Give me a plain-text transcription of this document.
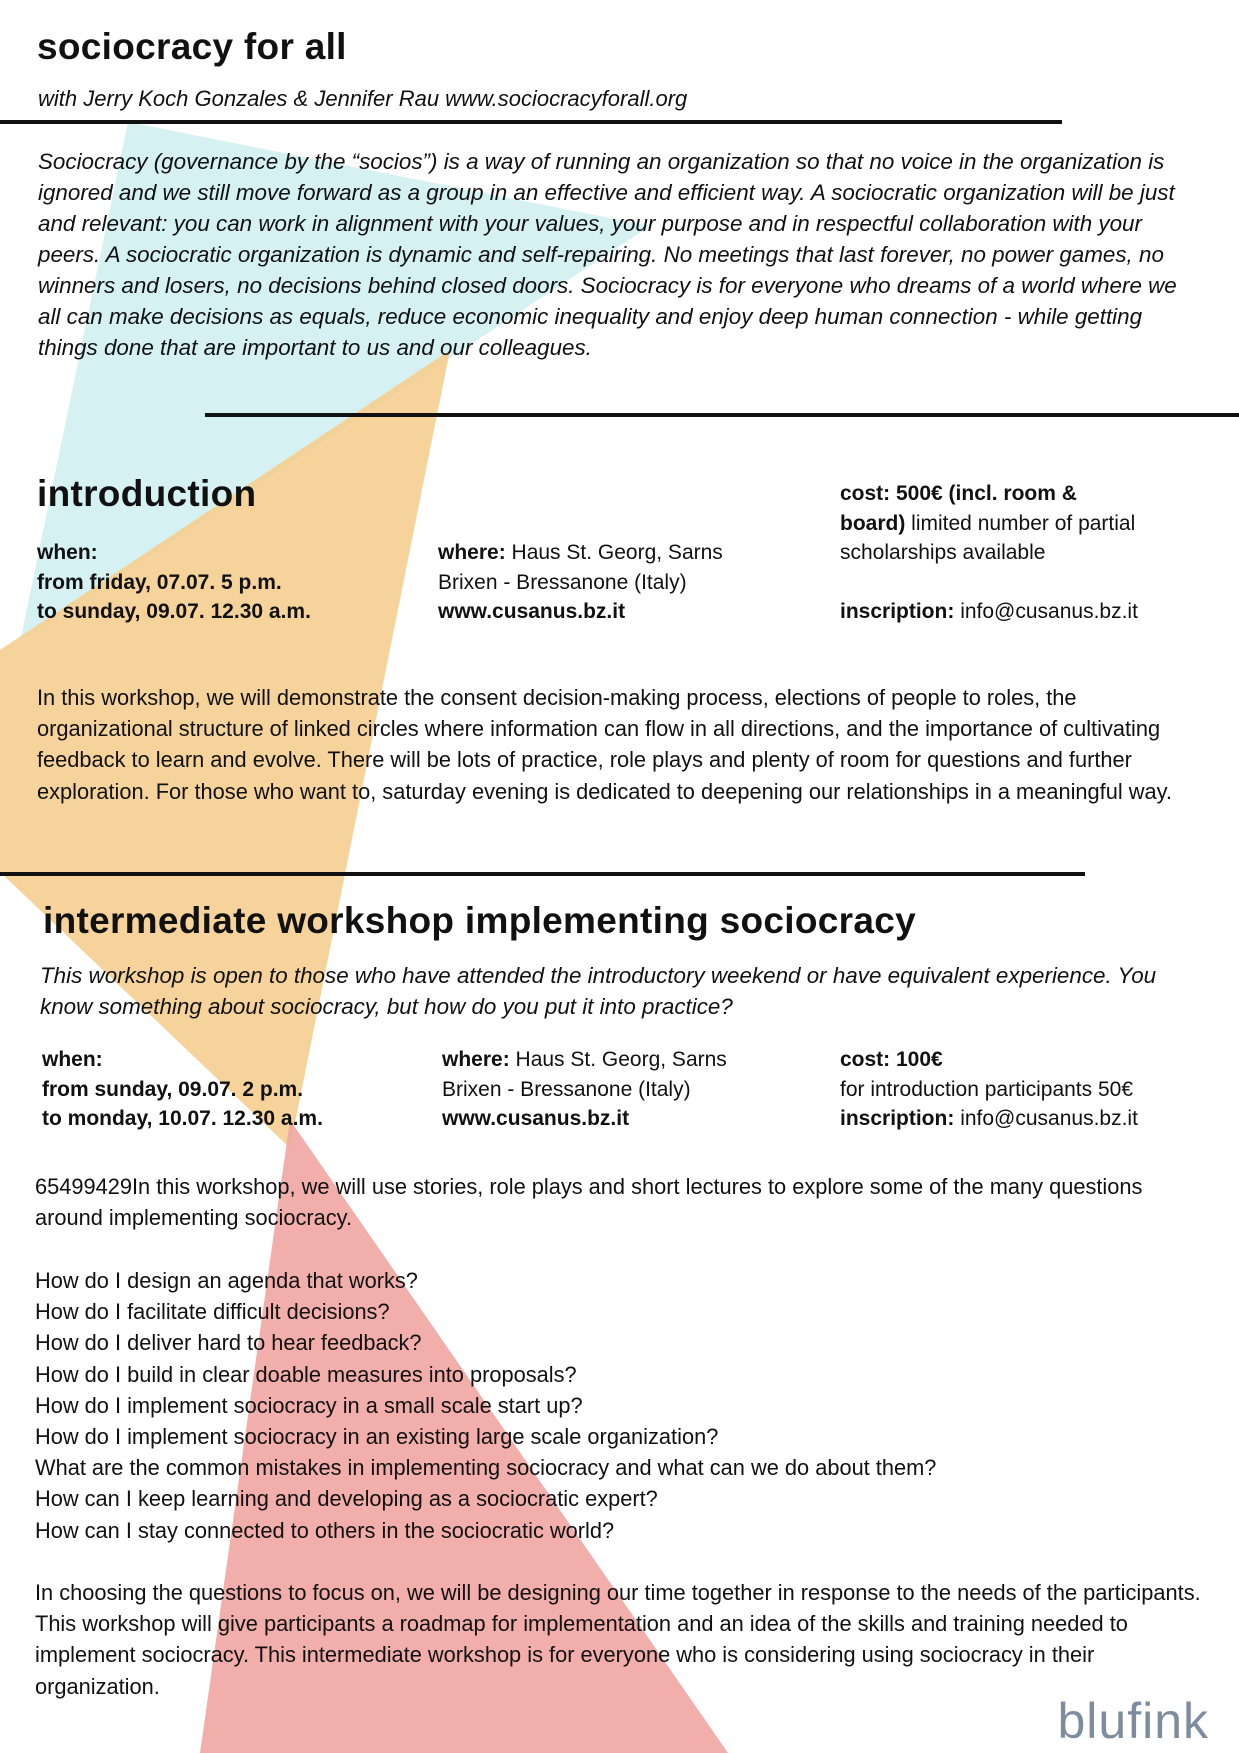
sociocracy for all

with Jerry Koch Gonzales & Jennifer Rau www.sociocracyforall.org

Sociocracy (governance by the “socios”) is a way of running an organization so that no voice in the organization is ignored and we still move forward as a group in an effective and efficient way. A sociocratic organization will be just and relevant: you can work in alignment with your values, your purpose and in respectful collaboration with your peers. A sociocratic organization is dynamic and self-repairing. No meetings that last forever, no power games, no winners and losers, no decisions behind closed doors. Sociocracy is for everyone who dreams of a world where we all can make decisions as equals, reduce economic inequality and enjoy deep human connection - while getting things done that are important to us and our colleagues.

introduction
when:
from friday, 07.07. 5 p.m.
to sunday, 09.07. 12.30 a.m.
where: Haus St. Georg, Sarns
Brixen - Bressanone (Italy)
www.cusanus.bz.it
cost: 500€ (incl. room &
board) limited number of partial
scholarships available

inscription: info@cusanus.bz.it

In this workshop, we will demonstrate the consent decision-making process, elections of people to roles, the organizational structure of linked circles where information can flow in all directions, and the importance of cultivating feedback to learn and evolve. There will be lots of practice, role plays and plenty of room for questions and further exploration. For those who want to, saturday evening is dedicated to deepening our relationships in a meaningful way.

intermediate workshop implementing sociocracy

This workshop is open to those who have attended the introductory weekend or have equivalent experience. You know something about sociocracy, but how do you put it into practice?

when:
from sunday, 09.07. 2 p.m.
to monday, 10.07. 12.30 a.m.
where: Haus St. Georg, Sarns
Brixen - Bressanone (Italy)
www.cusanus.bz.it
cost: 100€
for introduction participants 50€
inscription: info@cusanus.bz.it

65499429In this workshop, we will use stories, role plays and short lectures to explore some of the many questions around implementing sociocracy.

How do I design an agenda that works?
How do I facilitate difficult decisions?
How do I deliver hard to hear feedback?
How do I build in clear doable measures into proposals?
How do I implement sociocracy in a small scale start up?
How do I implement sociocracy in an existing large scale organization?
What are the common mistakes in implementing sociocracy and what can we do about them?
How can I keep learning and developing as a sociocratic expert?
How can I stay connected to others in the sociocratic world?

In choosing the questions to focus on, we will be designing our time together in response to the needs of the participants. This workshop will give participants a roadmap for implementation and an idea of the skills and training needed to implement sociocracy. This intermediate workshop is for everyone who is considering using sociocracy in their organization.

blufink
